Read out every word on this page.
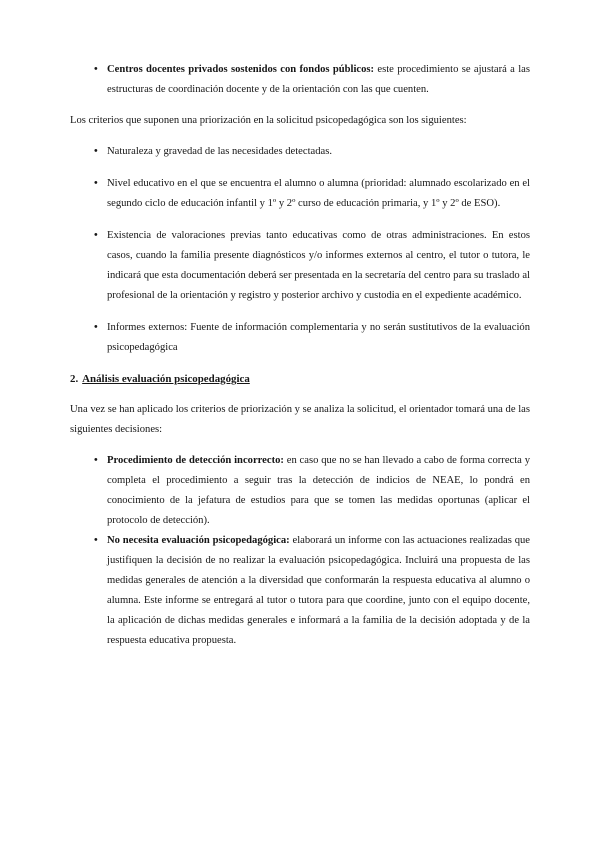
• Centros docentes privados sostenidos con fondos públicos: este procedimiento se ajustará a las estructuras de coordinación docente y de la orientación con las que cuenten.

Los criterios que suponen una priorización en la solicitud psicopedagógica son los siguientes:

• Naturaleza y gravedad de las necesidades detectadas.
• Nivel educativo en el que se encuentra el alumno o alumna (prioridad: alumnado escolarizado en el segundo ciclo de educación infantil y 1º y 2º curso de educación primaria, y 1º y 2º de ESO).
• Existencia de valoraciones previas tanto educativas como de otras administraciones. En estos casos, cuando la familia presente diagnósticos y/o informes externos al centro, el tutor o tutora, le indicará que esta documentación deberá ser presentada en la secretaría del centro para su traslado al profesional de la orientación y registro y posterior archivo y custodia en el expediente académico.
• Informes externos: Fuente de información complementaria y no serán sustitutivos de la evaluación psicopedagógica
2. Análisis evaluación psicopedagógica

Una vez se han aplicado los criterios de priorización y se analiza la solicitud, el orientador tomará una de las siguientes decisiones:

• Procedimiento de detección incorrecto: en caso que no se han llevado a cabo de forma correcta y completa el procedimiento a seguir tras la detección de indicios de NEAE, lo pondrá en conocimiento de la jefatura de estudios para que se tomen las medidas oportunas (aplicar el protocolo de detección).
• No necesita evaluación psicopedagógica: elaborará un informe con las actuaciones realizadas que justifiquen la decisión de no realizar la evaluación psicopedagógica. Incluirá una propuesta de las medidas generales de atención a la diversidad que conformarán la respuesta educativa al alumno o alumna. Este informe se entregará al tutor o tutora para que coordine, junto con el equipo docente, la aplicación de dichas medidas generales e informará a la familia de la decisión adoptada y de la respuesta educativa propuesta.
